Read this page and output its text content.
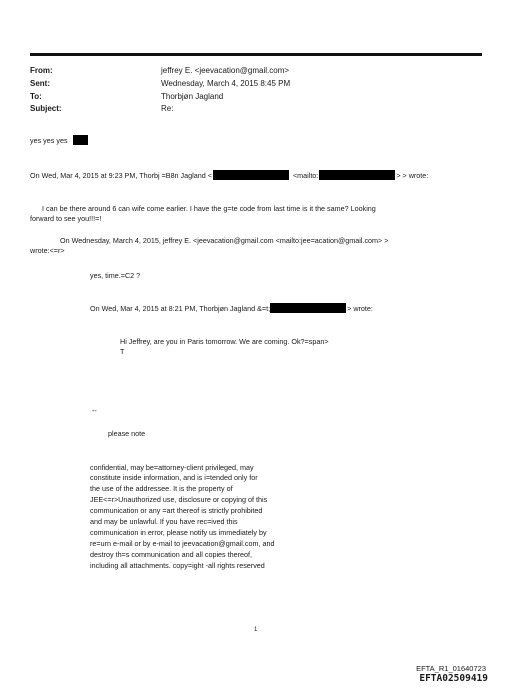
From:	jeffrey E. <jeevacation@gmail.com>
Sent:	Wednesday, March 4, 2015 8:45 PM
To:	Thorbjøn Jagland
Subject:	Re:
yes yes yes
On Wed, Mar 4, 2015 at 9:23 PM, Thorbj =B8n Jagland <	<mailto:	> > wrote:
I can be there around 6 can wife come earlier. I have the g=te code from last time is it the same? Looking
forward to see you!!!=!
On Wednesday, March 4, 2015, jeffrey E. <jeevacation@gmail.com <mailto:jee=acation@gmail.com> >
wrote:<=r>
yes, time.=C2 ?
On Wed, Mar 4, 2015 at 8:21 PM, Thorbjøn Jagland &=t;	> wrote:
Hi Jeffrey, are you in Paris tomorrow. We are coming. Ok?=span>
T
--
please note
confidential, may be=attorney-client privileged, may
constitute inside information, and is i=tended only for
the use of the addressee. It is the property of
JEE<=r>Unauthorized use, disclosure or copying of this
communication or any =art thereof is strictly prohibited
and may be unlawful. If you have rec=ived this
communication in error, please notify us immediately by
re=urn e-mail or by e-mail to jeevacation@gmail.com, and
destroy th=s communication and all copies thereof,
including all attachments. copy=ight -all rights reserved
1
EFTA_R1_01640723
EFTA02509419
